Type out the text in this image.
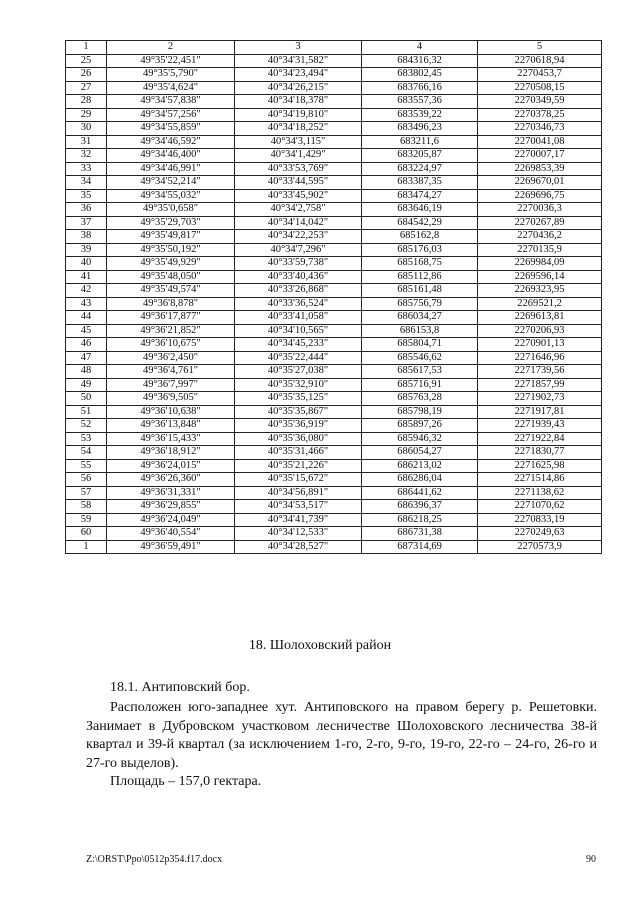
1	2	3	4	5
25	49°35'22,451"	40°34'31,582"	684316,32	2270618,94
26	49°35'5,790"	40°34'23,494"	683802,45	2270453,7
27	49°35'4,624"	40°34'26,215"	683766,16	2270508,15
28	49°34'57,838"	40°34'18,378"	683557,36	2270349,59
29	49°34'57,256"	40°34'19,810"	683539,22	2270378,25
30	49°34'55,859"	40°34'18,252"	683496,23	2270346,73
31	49°34'46,592"	40°34'3,115"	683211,6	2270041,08
32	49°34'46,400"	40°34'1,429"	683205,87	2270007,17
33	49°34'46,991"	40°33'53,769"	683224,97	2269853,39
34	49°34'52,214"	40°33'44,595"	683387,35	2269670,01
35	49°34'55,032"	40°33'45,902"	683474,27	2269696,75
36	49°35'0,658"	40°34'2,758"	683646,19	2270036,3
37	49°35'29,703"	40°34'14,042"	684542,29	2270267,89
38	49°35'49,817"	40°34'22,253"	685162,8	2270436,2
39	49°35'50,192"	40°34'7,296"	685176,03	2270135,9
40	49°35'49,929"	40°33'59,738"	685168,75	2269984,09
41	49°35'48,050"	40°33'40,436"	685112,86	2269596,14
42	49°35'49,574"	40°33'26,868"	685161,48	2269323,95
43	49°36'8,878"	40°33'36,524"	685756,79	2269521,2
44	49°36'17,877"	40°33'41,058"	686034,27	2269613,81
45	49°36'21,852"	40°34'10,565"	686153,8	2270206,93
46	49°36'10,675"	40°34'45,233"	685804,71	2270901,13
47	49°36'2,450"	40°35'22,444"	685546,62	2271646,96
48	49°36'4,761"	40°35'27,038"	685617,53	2271739,56
49	49°36'7,997"	40°35'32,910"	685716,91	2271857,99
50	49°36'9,505"	40°35'35,125"	685763,28	2271902,73
51	49°36'10,638"	40°35'35,867"	685798,19	2271917,81
52	49°36'13,848"	40°35'36,919"	685897,26	2271939,43
53	49°36'15,433"	40°35'36,080"	685946,32	2271922,84
54	49°36'18,912"	40°35'31,466"	686054,27	2271830,77
55	49°36'24,015"	40°35'21,226"	686213,02	2271625,98
56	49°36'26,360"	40°35'15,672"	686286,04	2271514,86
57	49°36'31,331"	40°34'56,891"	686441,62	2271138,62
58	49°36'29,855"	40°34'53,517"	686396,37	2271070,62
59	49°36'24,049"	40°34'41,739"	686218,25	2270833,19
60	49°36'40,554"	40°34'12,533"	686731,38	2270249,63
1	49°36'59,491"	40°34'28,527"	687314,69	2270573,9
18. Шолоховский район
18.1. Антиповский бор.

Расположен юго-западнее хут. Антиповского на правом берегу р. Решетовки. Занимает в Дубровском участковом лесничестве Шолоховского лесничества 38-й квартал и 39-й квартал (за исключением 1-го, 2-го, 9-го, 19-го, 22-го – 24-го, 26-го и 27-го выделов).

Площадь – 157,0 гектара.
Z:\ORST\Ppo\0512p354.f17.docx	90
